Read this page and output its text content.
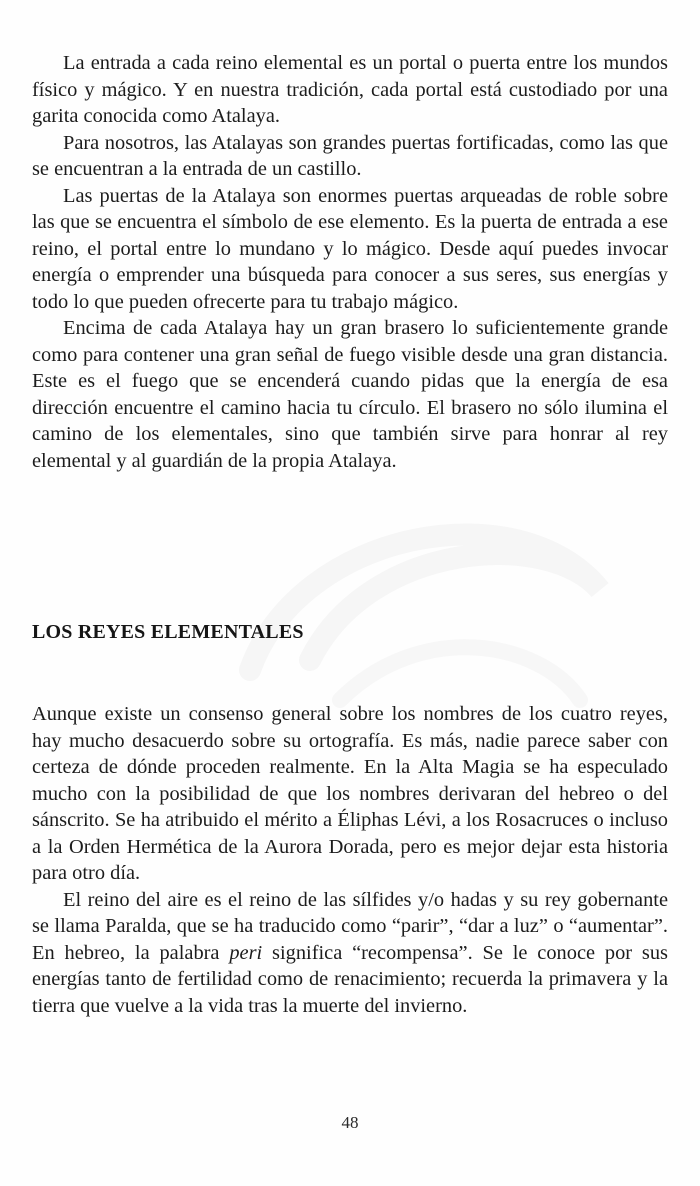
La entrada a cada reino elemental es un portal o puerta entre los mundos físico y mágico. Y en nuestra tradición, cada portal está custodiado por una garita conocida como Atalaya.

Para nosotros, las Atalayas son grandes puertas fortificadas, como las que se encuentran a la entrada de un castillo.

Las puertas de la Atalaya son enormes puertas arqueadas de roble sobre las que se encuentra el símbolo de ese elemento. Es la puerta de entrada a ese reino, el portal entre lo mundano y lo mágico. Desde aquí puedes invocar energía o emprender una búsqueda para conocer a sus seres, sus energías y todo lo que pueden ofrecerte para tu trabajo mágico.

Encima de cada Atalaya hay un gran brasero lo suficientemente grande como para contener una gran señal de fuego visible desde una gran distancia. Este es el fuego que se encenderá cuando pidas que la energía de esa dirección encuentre el camino hacia tu círculo. El brasero no sólo ilumina el camino de los elementales, sino que también sirve para honrar al rey elemental y al guardián de la propia Atalaya.

LOS REYES ELEMENTALES

Aunque existe un consenso general sobre los nombres de los cuatro reyes, hay mucho desacuerdo sobre su ortografía. Es más, nadie parece saber con certeza de dónde proceden realmente. En la Alta Magia se ha especulado mucho con la posibilidad de que los nombres derivaran del hebreo o del sánscrito. Se ha atribuido el mérito a Éliphas Lévi, a los Rosacruces o incluso a la Orden Hermética de la Aurora Dorada, pero es mejor dejar esta historia para otro día.

El reino del aire es el reino de las sílfides y/o hadas y su rey gobernante se llama Paralda, que se ha traducido como “parir”, “dar a luz” o “aumentar”. En hebreo, la palabra peri significa “recompensa”. Se le conoce por sus energías tanto de fertilidad como de renacimiento; recuerda la primavera y la tierra que vuelve a la vida tras la muerte del invierno.

48
